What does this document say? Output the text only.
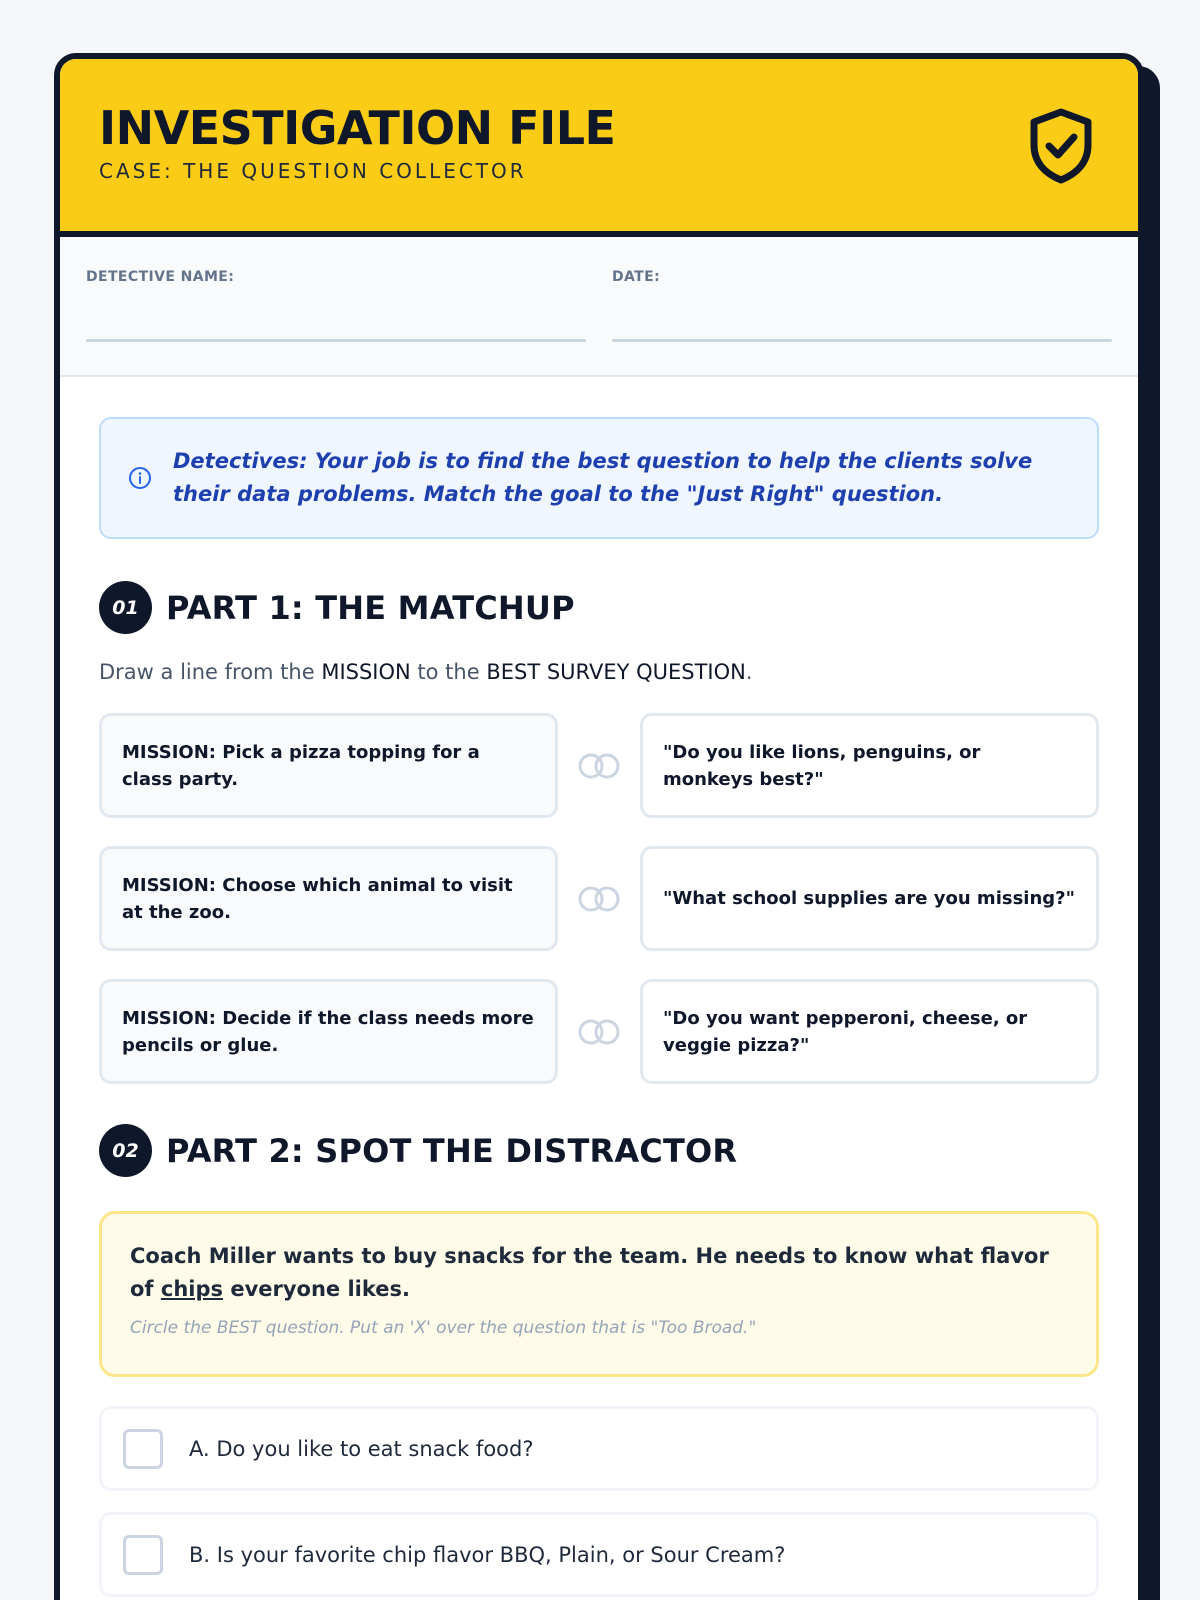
INVESTIGATION FILE
CASE: THE QUESTION COLLECTOR
DETECTIVE NAME:	DATE:
Detectives: Your job is to find the best question to help the clients solve their data problems. Match the goal to the "Just Right" question.
01 PART 1: THE MATCHUP
Draw a line from the MISSION to the BEST SURVEY QUESTION.
MISSION: Pick a pizza topping for a class party.
"Do you like lions, penguins, or monkeys best?"
MISSION: Choose which animal to visit at the zoo.
"What school supplies are you missing?"
MISSION: Decide if the class needs more pencils or glue.
"Do you want pepperoni, cheese, or veggie pizza?"
02 PART 2: SPOT THE DISTRACTOR
Coach Miller wants to buy snacks for the team. He needs to know what flavor of chips everyone likes.
Circle the BEST question. Put an 'X' over the question that is "Too Broad."
A. Do you like to eat snack food?
B. Is your favorite chip flavor BBQ, Plain, or Sour Cream?
